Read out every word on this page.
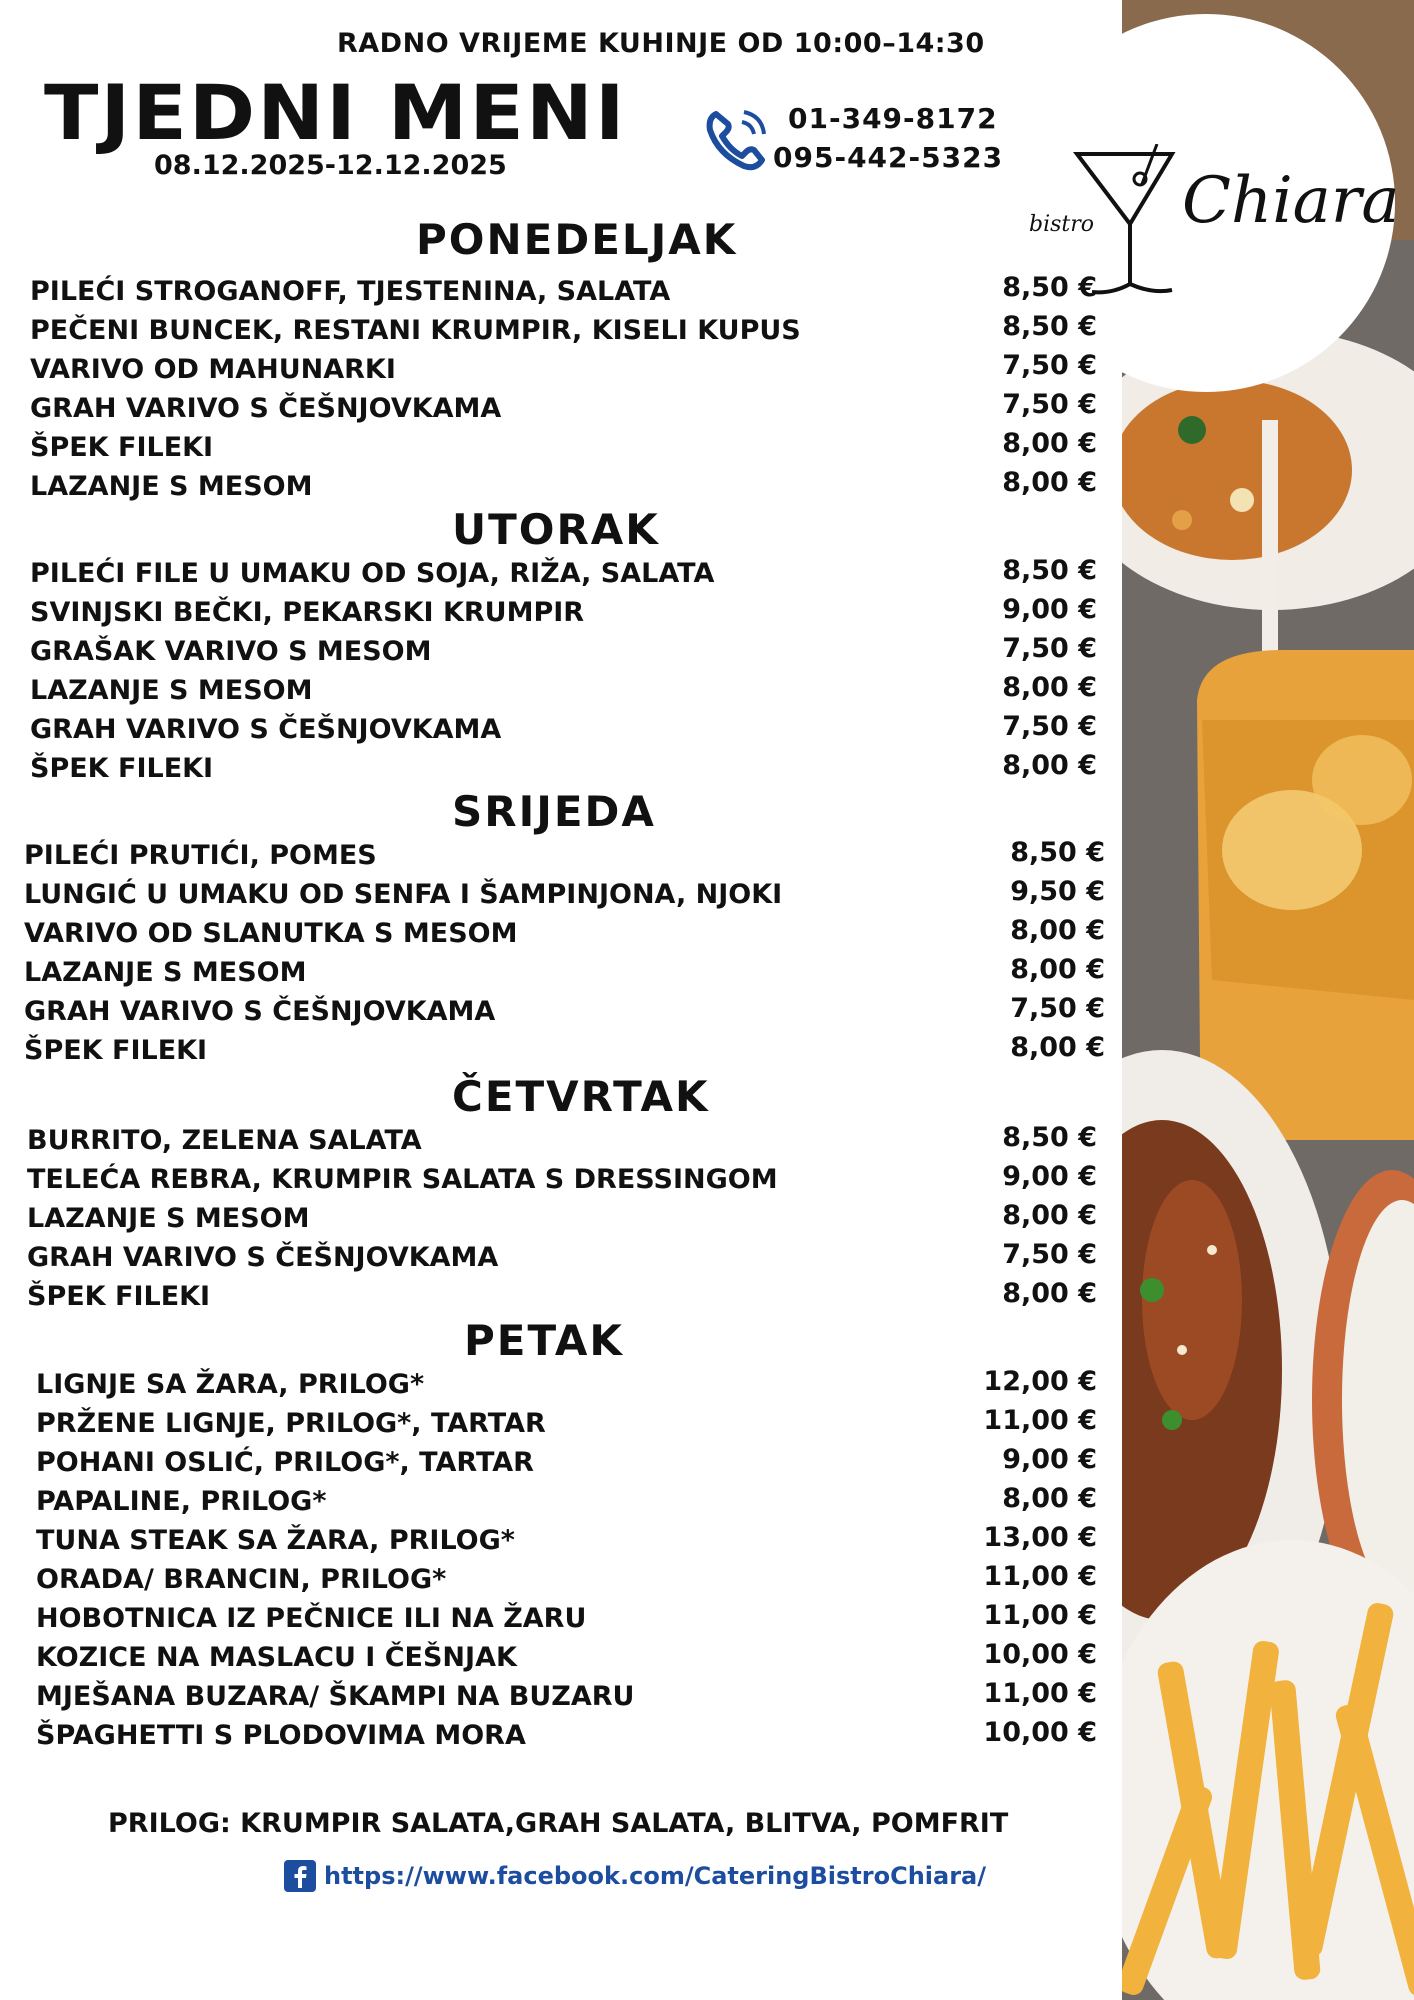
bistro Chiara
RADNO VRIJEME KUHINJE OD 10:00–14:30
TJEDNI MENI
08.12.2025-12.12.2025
01-349-8172
095-442-5323
PONEDELJAK
PILEĆI STROGANOFF, TJESTENINA, SALATA	8,50 €
PEČENI BUNCEK, RESTANI KRUMPIR, KISELI KUPUS	8,50 €
VARIVO OD MAHUNARKI	7,50 €
GRAH VARIVO S ČEŠNJOVKAMA	7,50 €
ŠPEK FILEKI	8,00 €
LAZANJE S MESOM	8,00 €
UTORAK
PILEĆI FILE U UMAKU OD SOJA, RIŽA, SALATA	8,50 €
SVINJSKI BEČKI, PEKARSKI KRUMPIR	9,00 €
GRAŠAK VARIVO S MESOM	7,50 €
LAZANJE S MESOM	8,00 €
GRAH VARIVO S ČEŠNJOVKAMA	7,50 €
ŠPEK FILEKI	8,00 €
SRIJEDA
PILEĆI PRUTIĆI, POMES	8,50 €
LUNGIĆ U UMAKU OD SENFA I ŠAMPINJONA, NJOKI	9,50 €
VARIVO OD SLANUTKA S MESOM	8,00 €
LAZANJE S MESOM	8,00 €
GRAH VARIVO S ČEŠNJOVKAMA	7,50 €
ŠPEK FILEKI	8,00 €
ČETVRTAK
BURRITO, ZELENA SALATA	8,50 €
TELEĆA REBRA, KRUMPIR SALATA S DRESSINGOM	9,00 €
LAZANJE S MESOM	8,00 €
GRAH VARIVO S ČEŠNJOVKAMA	7,50 €
ŠPEK FILEKI	8,00 €
PETAK
LIGNJE SA ŽARA, PRILOG*	12,00 €
PRŽENE LIGNJE, PRILOG*, TARTAR	11,00 €
POHANI OSLIĆ, PRILOG*, TARTAR	9,00 €
PAPALINE, PRILOG*	8,00 €
TUNA STEAK SA ŽARA, PRILOG*	13,00 €
ORADA/ BRANCIN, PRILOG*	11,00 €
HOBOTNICA IZ PEČNICE ILI NA ŽARU	11,00 €
KOZICE NA MASLACU I ČEŠNJAK	10,00 €
MJEŠANA BUZARA/ ŠKAMPI NA BUZARU	11,00 €
ŠPAGHETTI S PLODOVIMA MORA	10,00 €
PRILOG: KRUMPIR SALATA,GRAH SALATA, BLITVA, POMFRIT
https://www.facebook.com/CateringBistroChiara/
